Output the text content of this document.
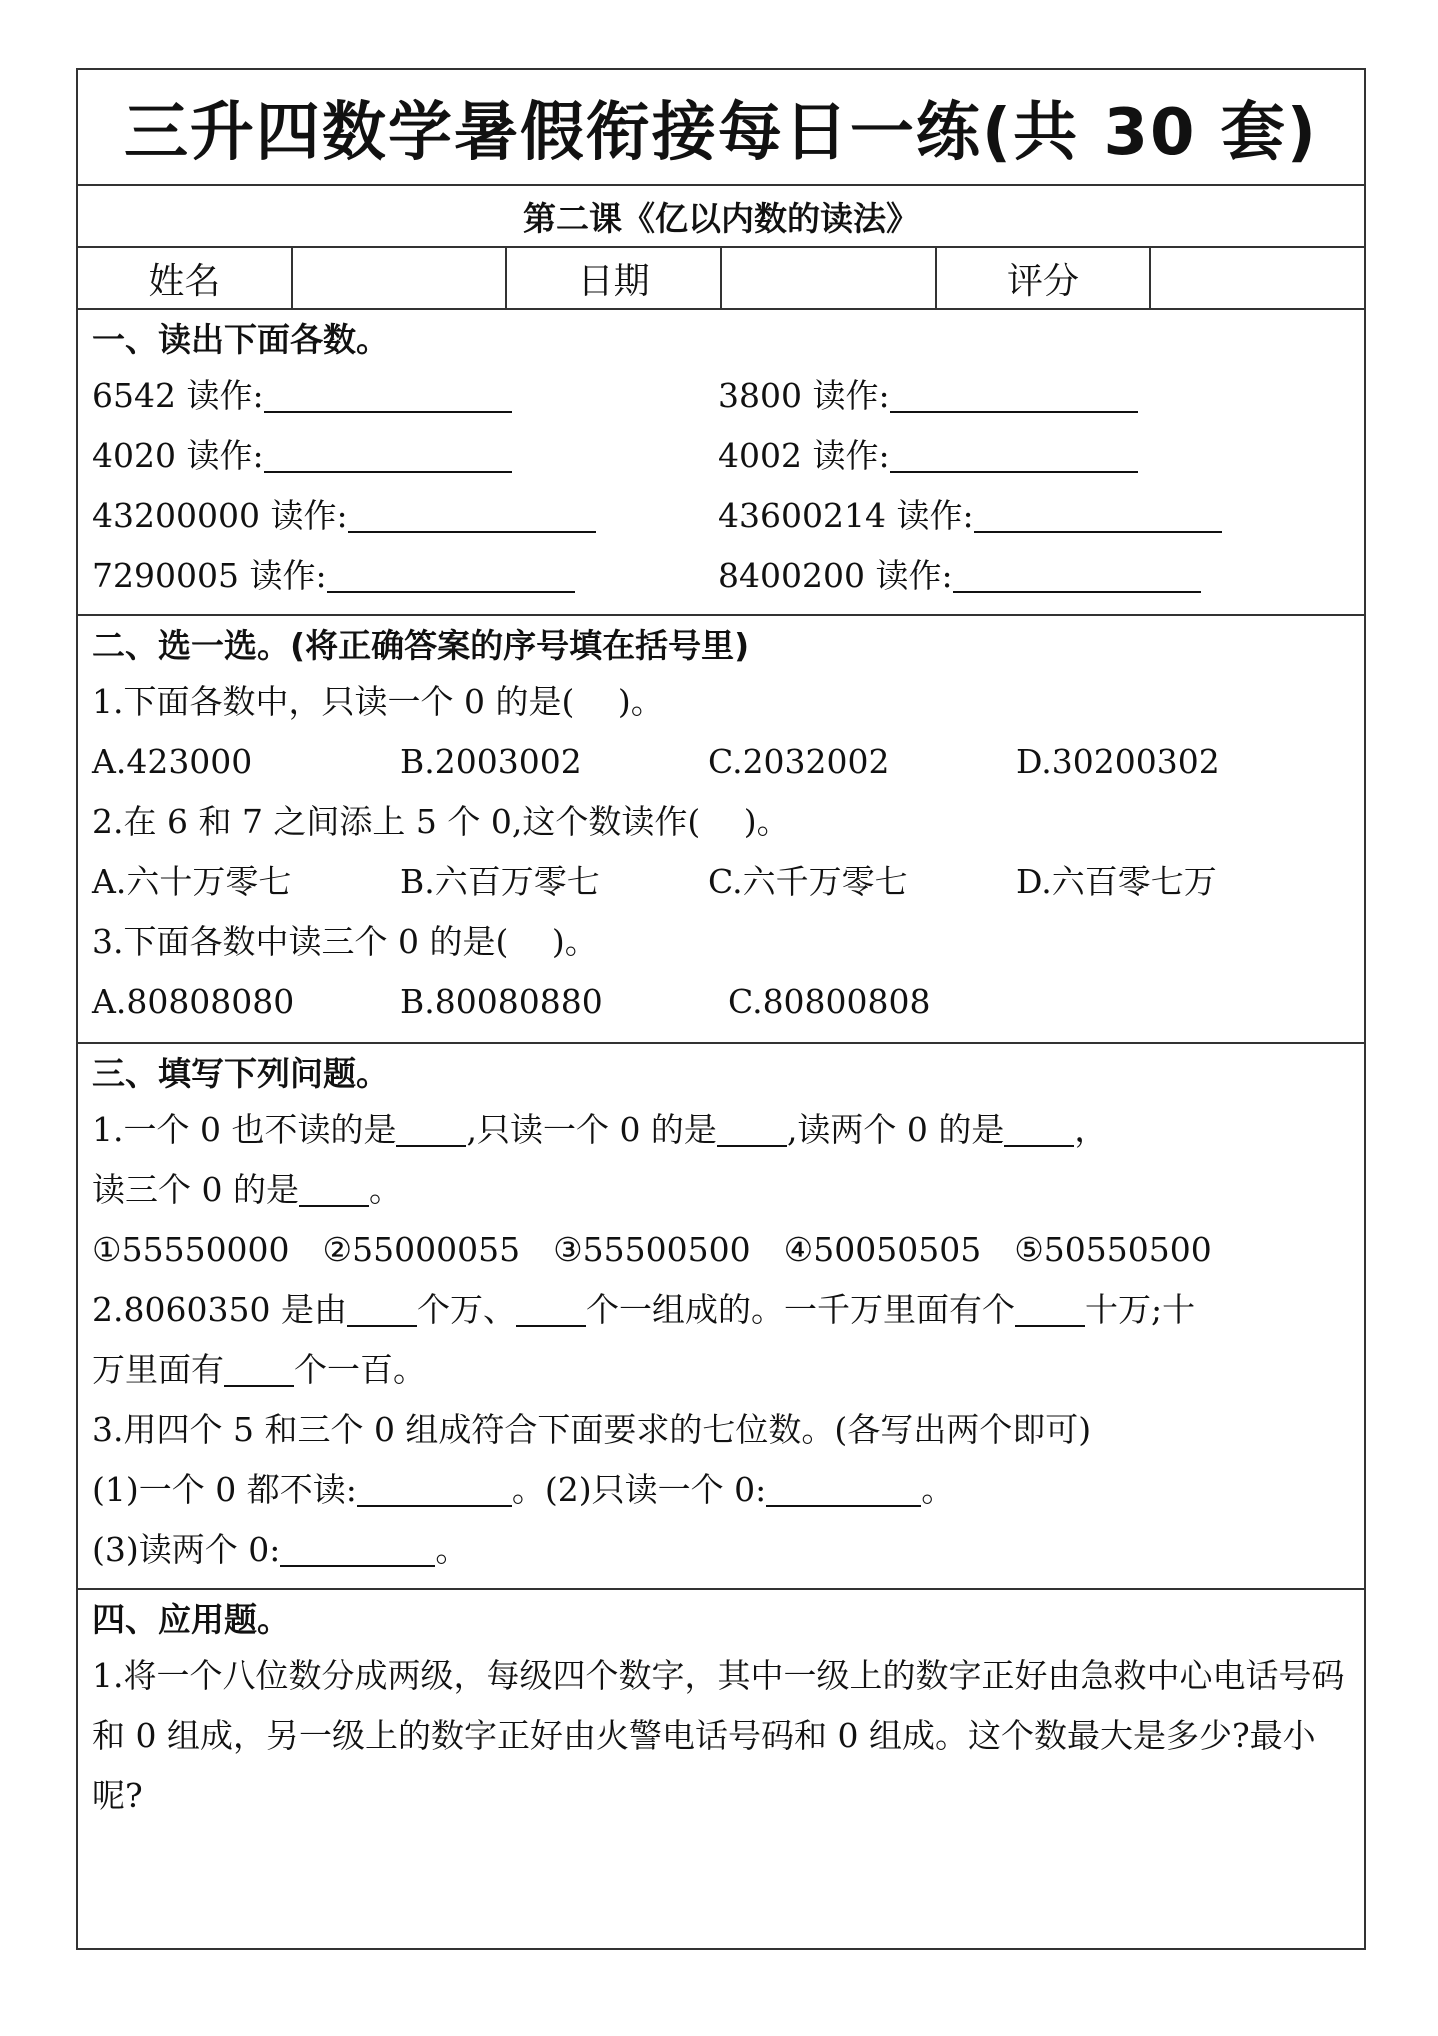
三升四数学暑假衔接每日一练(共 30 套)
第二课《亿以内数的读法》
姓名	日期	评分
一、读出下面各数。
6542 读作:	3800 读作:
4020 读作:	4002 读作:
43200000 读作:	43600214 读作:
7290005 读作:	8400200 读作:
二、选一选。(将正确答案的序号填在括号里)
1.下面各数中，只读一个 0 的是(　 )。
A.423000	B.2003002	C.2032002	D.30200302
2.在 6 和 7 之间添上 5 个 0,这个数读作(　 )。
A.六十万零七	B.六百万零七	C.六千万零七	D.六百零七万
3.下面各数中读三个 0 的是(　 )。
A.80808080	B.80080880	C.80800808
三、填写下列问题。
1.一个 0 也不读的是 ,只读一个 0 的是 ,读两个 0 的是 ，
读三个 0 的是 。
①55550000　②55000055　③55500500　④50050505　⑤50550500
2.8060350 是由 个万、 个一组成的。一千万里面有个 十万;十
万里面有 个一百。
3.用四个 5 和三个 0 组成符合下面要求的七位数。(各写出两个即可)
(1)一个 0 都不读:	。(2)只读一个 0:	。
(3)读两个 0:	。
四、应用题。
1.将一个八位数分成两级，每级四个数字，其中一级上的数字正好由急救中心电话号码和 0 组成，另一级上的数字正好由火警电话号码和 0 组成。这个数最大是多少?最小呢?
